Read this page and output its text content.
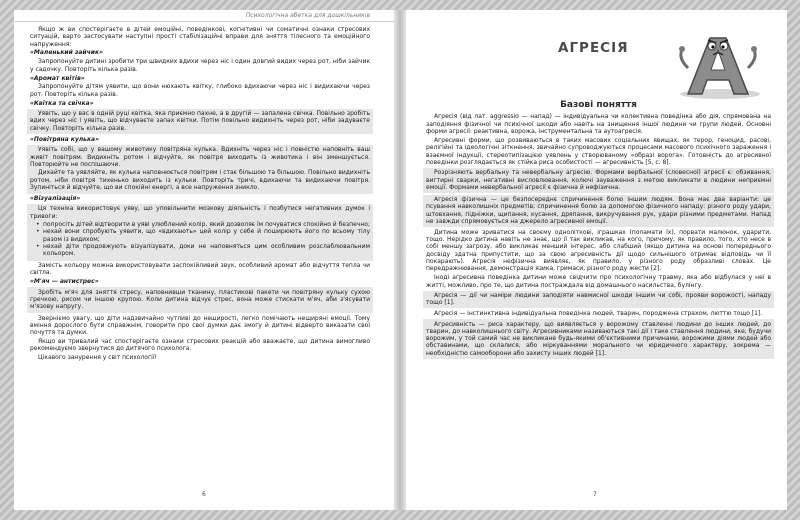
Психологічна абетка для дошкільників

Якщо ж ви спостерігаєте в дітей емоційні, поведінкові, когнітивні чи соматичні ознаки стресових ситуацій, варто застосувати наступні прості стабілізаційні вправи для зняття тілесного та емоційного напруження:

«Маленький зайчик»

Запропонуйте дитині зробити три швидких вдихи через ніс і один довгий видих через рот, ніби зайчик у садочку. Повторіть кілька разів.

«Аромат квітів»

Запропонуйте дітям уявити, що вони нюхають квітку, глибоко вдихаючи через ніс і видихаючи через рот. Повторіть кілька разів.

«Квітка та свічка»

Уявіть, що у вас в одній руці квітка, яка приємно пахне, а в другій — запалена свічка. Повільно зробіть вдих через ніс і уявіть, що відчуваєте запах квітки. Потім повільно видихніть через рот, ніби задуваєте свічку. Повторіть кілька разів.

«Повітряна кулька»

Уявіть собі, що у вашому животику повітряна кулька. Вдихніть через ніс і повністю наповніть ваш живіт повітрям. Видихніть ротом і відчуйте, як повітря виходить із животика і він зменшується. Повторюйте не поспішаючи.

Дихайте та уявляйте, як кулька наповнюється повітрям і стає більшою та більшою. Повільно видихніть ротом, ніби повітря тихенько виходить із кульки. Повторіть тричі, вдихаючи та видихаючи повітря. Зупиніться й відчуйте, що ви спокійні енергі, а все напруження зникло.

«Візуалізація»

Ця техніка використовує уяву, що уповільнити мозкову діяльність і позбутися негативних думок і тривоги:

• попросіть дітей відтворити в уяві улюблений колір, який дозволяє їм почуватися спокійно й безпечно;
• нехай вони спробують уявити, що «вдихають» цей колір у себе й поширюють його по всьому тілу разом із видихом;
• нехай діти продовжують візуалізувати, доки не наповняться цим особливим розслаблювальним кольором.

Замість кольору можна використовувати заспокійливий звук, особливий аромат або відчуття тепла чи світла.

«М'яч — антистрес»

Зробіть м'яч для зняття стресу, наповнивши тканину, пластикові пакети чи повітряну кульку сухою гречкою, рисом чи іншою крупою. Коли дитина відчує стрес, вона може стискати м'яч, аби з'ясувати м'язову напругу.

Зверніємо увагу, що діти надзвичайно чутливі до нещирості, легко помічають нещиряні емоції. Тому вміння дорослого бути справжнім, говорити про свої думки дає змогу й дитині відверто виказати свої почуття та думки.

Якщо ви тривалий час спостерігаєте ознаки стресових реакцій або вважаєте, що дитина вимогливо рекомендуємо звернутися до дитячого психолога.

Цікавого занурення у світ психології!

6
АГРЕСІЯ

Базові поняття

Агресія (від лат. aggressio — напад) — індивідуальна чи колективна поведінка або дія, спрямована на заподіяння фізичної чи психічної шкоди або навіть на знищення іншої людини чи групи людей. Основні форми агресії: реактивна, ворожа, інструментальна та аутоагресія.

Агресивні форми, що розвиваються в таких масових соціальних явищах, як терор, геноцид, расові, релігійні та ідеологічні зіткнення, звичайно супроводжуються процесами масового психічного зараження і взаємної індукції, стереотипізацією уявлень у створюваному «образі ворога». Готовність до агресивної поведінки розглядається як стійка риса особистості — агресивність [5, с. 8].

Розрізняють вербальну та невербальну агресію. Формами вербальної (словесної) агресії є: обзивання, вигтирні сварки, негативні висловлювання, колючі зауваження з метою викликати в людини неприємні емоції. Формами невербальної агресії є фізична й нефізична.

Агресія фізична — це безпосереднє спричинення болю іншим людям. Вона має два варіанти: це псування навколишніх предметів; спричинення болю за допомогою фізичного нападу: різного роду удари, штовхання, підніжки, щипання, кусання, дряпання, викручування рук, удари різними предметами. Напад не завжди спрямовується на джерело агресивної емоції.

Дитина може зриватися на своєму однолітковi, іграшках (поламати їх), порвати малюнок, ударити, тощо. Нерідко дитина навіть не знає, що її так викликав, на кого, причому, як правило, того, хто несе в собі меншу загрозу, або викликає менший інтерес, або слабший (якщо дитина на основі попереднього досвіду здатна припустити, що за свою агресивність дії щодо сильнішого отримає відповідь чи її покарають). Агресія нефізична виявляє, як правило, у різного роду образливі словах. Це передражнювання, демонстрація язика, гримаси, різного роду жести [2].

Іноді агресивна поведінка дитини може свідчити про психологічну травму, яка або відбулася у неї в житті, можливо, про те, що дитина постраждала від домашнього насильства, булінгу.

Агресія — дії чи наміри людини заподіяти навмисної шкоди іншим чи собі, прояви ворожості, нападу тощо [1].

Агресія — інстинктивна індивідуальна поведінка людей, тварин, породжена страхом, люттю тощо [1].

Агресивність — риса характеру, що виявляється у ворожому ставленні людини до інших людей, до тварин, до навколишнього світу. Агресивниками називаються такі дії і таке ставлення людини, яке, будучи ворожим, у той самий час не викликане будь-якими об'єктивними причинами, ворожими діями людей або обставинами, що склалися, або міркуваннями морального чи юридичного характеру, зокрема — необхідністю самооборони або захисту інших людей [1].

7
